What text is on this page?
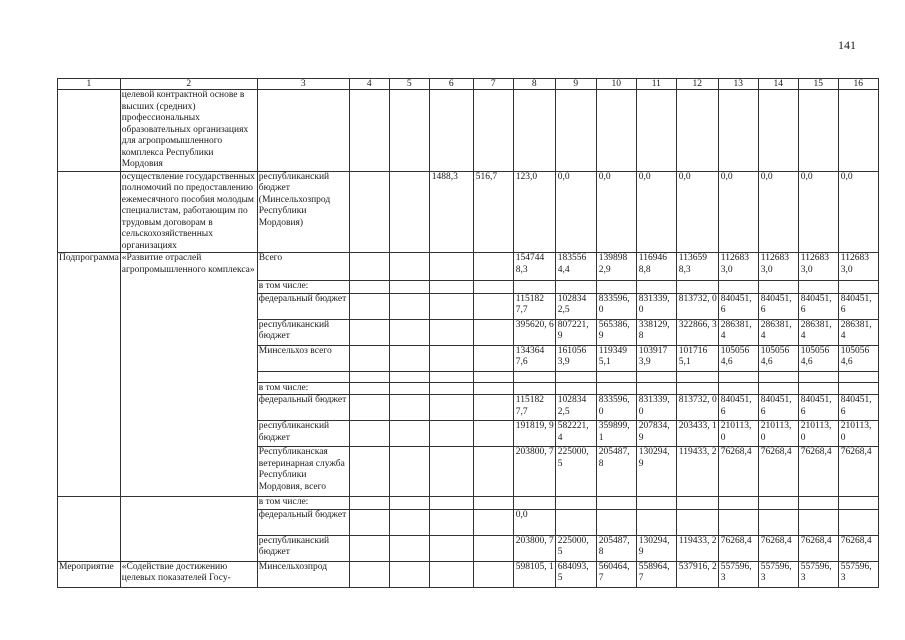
141
1	2	3	4	5	6	7	8	9	10	11	12	13	14	15	16
	целевой контрактной основе в высших (средних) профессиональных образовательных организациях для агропромышленного комплекса Республики Мордовия														
	осуществление государственных полномочий по предоставлению ежемесячного пособия молодым специалистам, работающим по трудовым договорам в сельскохозяйственных организациях	республиканский бюджет (Минсельхозпрод Республики Мордовия)			1488,3	516,7	123,0	0,0	0,0	0,0	0,0	0,0	0,0	0,0	0,0
Подпрограмма	«Развитие отраслей агропромышленного комплекса»	Всего					154744 8,3	183556 4,4	139898 2,9	116946 8,8	113659 8,3	112683 3,0	112683 3,0	112683 3,0	112683 3,0
		в том числе:													
		федеральный бюджет					115182 7,7	102834 2,5	833596, 0	831339, 0	813732, 0	840451, 6	840451, 6	840451, 6	840451, 6
		республиканский бюджет					395620, 6	807221, 9	565386, 9	338129, 8	322866, 3	286381, 4	286381, 4	286381, 4	286381, 4
		Минсельхоз всего					134364 7,6	161056 3,9	119349 5,1	103917 3,9	101716 5,1	105056 4,6	105056 4,6	105056 4,6	105056 4,6

		в том числе:													
		федеральный бюджет					115182 7,7	102834 2,5	833596, 0	831339, 0	813732, 0	840451, 6	840451, 6	840451, 6	840451, 6
		республиканский бюджет					191819, 9	582221, 4	359899, 1	207834, 9	203433, 1	210113, 0	210113, 0	210113, 0	210113, 0
		Республиканская ветеринарная служба Республики Мордовия, всего					203800, 7	225000, 5	205487, 8	130294, 9	119433, 2	76268,4	76268,4	76268,4	76268,4
		в том числе:													
		федеральный бюджет					0,0								
		республиканский бюджет					203800, 7	225000, 5	205487, 8	130294, 9	119433, 2	76268,4	76268,4	76268,4	76268,4
Мероприятие	«Содействие достижению целевых показателей Госу-	Минсельхозпрод					598105, 1	684093, 5	560464, 7	558964, 7	537916, 2	557596, 3	557596, 3	557596, 3	557596, 3
